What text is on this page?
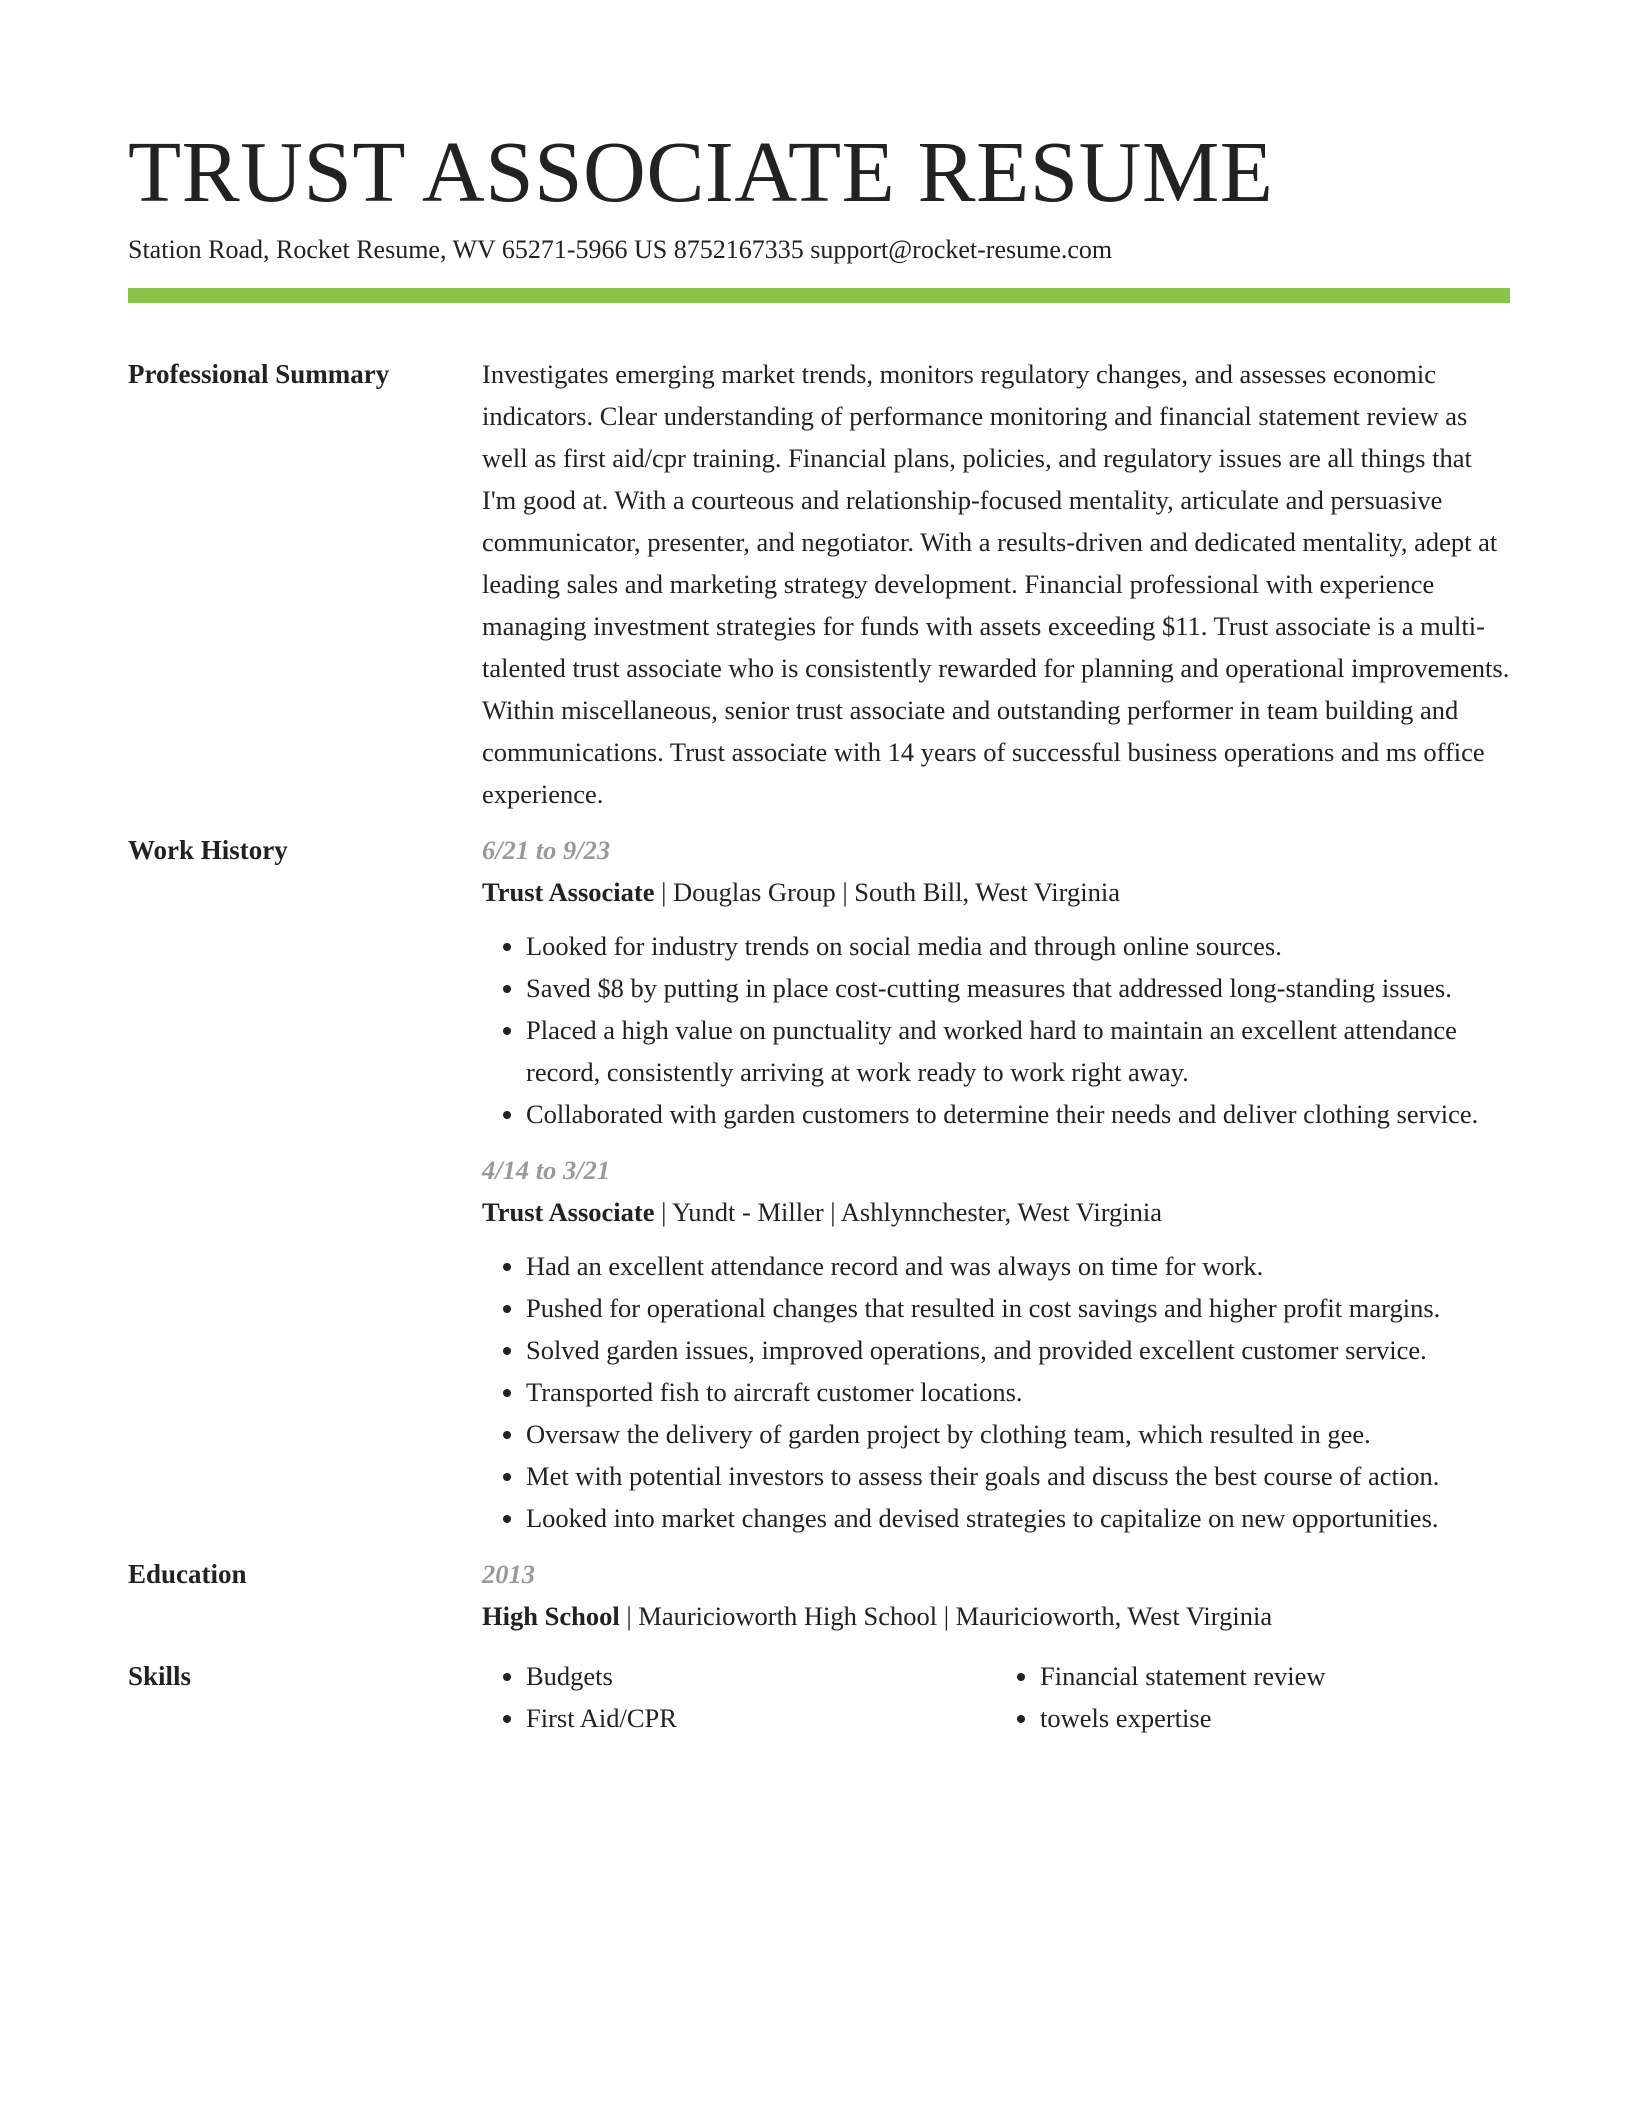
TRUST ASSOCIATE RESUME
Station Road, Rocket Resume, WV 65271-5966 US 8752167335 support@rocket-resume.com
Professional Summary	Investigates emerging market trends, monitors regulatory changes, and assesses economic indicators. Clear understanding of performance monitoring and financial statement review as well as first aid/cpr training. Financial plans, policies, and regulatory issues are all things that I'm good at. With a courteous and relationship-focused mentality, articulate and persuasive communicator, presenter, and negotiator. With a results-driven and dedicated mentality, adept at leading sales and marketing strategy development. Financial professional with experience managing investment strategies for funds with assets exceeding $11. Trust associate is a multi-talented trust associate who is consistently rewarded for planning and operational improvements. Within miscellaneous, senior trust associate and outstanding performer in team building and communications. Trust associate with 14 years of successful business operations and ms office experience.

Work History	6/21 to 9/23

Trust Associate | Douglas Group | South Bill, West Virginia

• Looked for industry trends on social media and through online sources.
• Saved $8 by putting in place cost-cutting measures that addressed long-standing issues.
• Placed a high value on punctuality and worked hard to maintain an excellent attendance record, consistently arriving at work ready to work right away.
• Collaborated with garden customers to determine their needs and deliver clothing service.

4/14 to 3/21

Trust Associate | Yundt - Miller | Ashlynnchester, West Virginia

• Had an excellent attendance record and was always on time for work.
• Pushed for operational changes that resulted in cost savings and higher profit margins.
• Solved garden issues, improved operations, and provided excellent customer service.
• Transported fish to aircraft customer locations.
• Oversaw the delivery of garden project by clothing team, which resulted in gee.
• Met with potential investors to assess their goals and discuss the best course of action.
• Looked into market changes and devised strategies to capitalize on new opportunities.
Education	2013

High School | Mauricioworth High School | Mauricioworth, West Virginia

Skills
•	Budgets
• First Aid/CPR
• Financial statement review
• towels expertise
